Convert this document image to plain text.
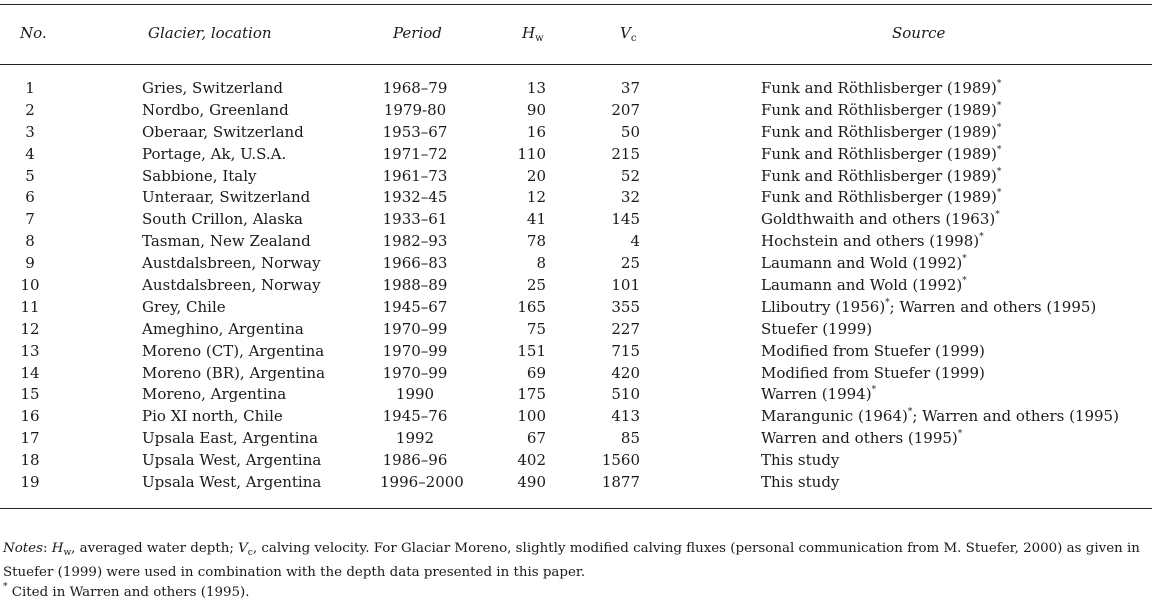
No.	Glacier, location	Period	$H_w$	$V_c$	Source
1	Gries, Switzerland	1968–79	13	37	Funk and Röthlisberger (1989)*
2	Nordbo, Greenland	1979-80	90	207	Funk and Röthlisberger (1989)*
3	Oberaar, Switzerland	1953–67	16	50	Funk and Röthlisberger (1989)*
4	Portage, Ak, U.S.A.	1971–72	110	215	Funk and Röthlisberger (1989)*
5	Sabbione, Italy	1961–73	20	52	Funk and Röthlisberger (1989)*
6	Unteraar, Switzerland	1932–45	12	32	Funk and Röthlisberger (1989)*
7	South Crillon, Alaska	1933–61	41	145	Goldthwaith and others (1963)*
8	Tasman, New Zealand	1982–93	78	4	Hochstein and others (1998)*
9	Austdalsbreen, Norway	1966–83	8	25	Laumann and Wold (1992)*
10	Austdalsbreen, Norway	1988–89	25	101	Laumann and Wold (1992)*
11	Grey, Chile	1945–67	165	355	Lliboutry (1956)*; Warren and others (1995)
12	Ameghino, Argentina	1970–99	75	227	Stuefer (1999)
13	Moreno (CT), Argentina	1970–99	151	715	Modified from Stuefer (1999)
14	Moreno (BR), Argentina	1970–99	69	420	Modified from Stuefer (1999)
15	Moreno, Argentina	1990	175	510	Warren (1994)*
16	Pio XI north, Chile	1945–76	100	413	Marangunic (1964)*; Warren and others (1995)
17	Upsala East, Argentina	1992	67	85	Warren and others (1995)*
18	Upsala West, Argentina	1986–96	402	1560	This study
19	Upsala West, Argentina	1996–2000	490	1877	This study
Notes: $H_w$, averaged water depth; $V_c$, calving velocity. For Glaciar Moreno, slightly modified calving fluxes (personal communication from M. Stuefer, 2000) as given in Stuefer (1999) were used in combination with the depth data presented in this paper.
* Cited in Warren and others (1995).
